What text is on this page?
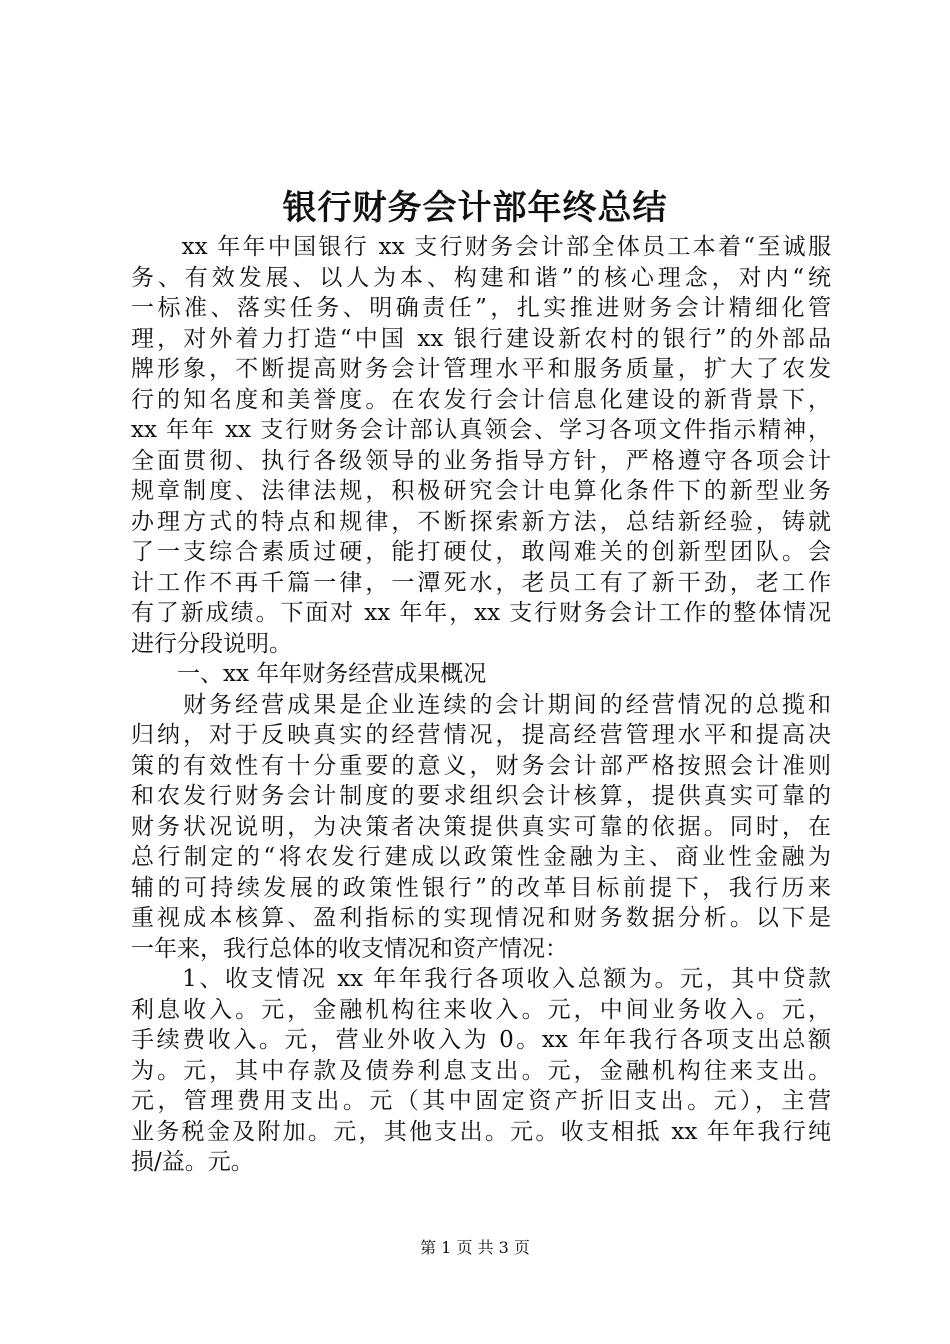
银行财务会计部年终总结
　　xx 年年中国银行 xx 支行财务会计部全体员工本着“至诚服
务、有效发展、以人为本、构建和谐”的核心理念，对内“统
一标准、落实任务、明确责任”，扎实推进财务会计精细化管
理，对外着力打造“中国 xx 银行建设新农村的银行”的外部品
牌形象，不断提高财务会计管理水平和服务质量，扩大了农发
行的知名度和美誉度。在农发行会计信息化建设的新背景下，
xx 年年 xx 支行财务会计部认真领会、学习各项文件指示精神，
全面贯彻、执行各级领导的业务指导方针，严格遵守各项会计
规章制度、法律法规，积极研究会计电算化条件下的新型业务
办理方式的特点和规律，不断探索新方法，总结新经验，铸就
了一支综合素质过硬，能打硬仗，敢闯难关的创新型团队。会
计工作不再千篇一律，一潭死水，老员工有了新干劲，老工作
有了新成绩。下面对 xx 年年，xx 支行财务会计工作的整体情况
进行分段说明。
　　一、xx 年年财务经营成果概况
　　财务经营成果是企业连续的会计期间的经营情况的总揽和
归纳，对于反映真实的经营情况，提高经营管理水平和提高决
策的有效性有十分重要的意义，财务会计部严格按照会计准则
和农发行财务会计制度的要求组织会计核算，提供真实可靠的
财务状况说明，为决策者决策提供真实可靠的依据。同时，在
总行制定的“将农发行建成以政策性金融为主、商业性金融为
辅的可持续发展的政策性银行”的改革目标前提下，我行历来
重视成本核算、盈利指标的实现情况和财务数据分析。以下是
一年来，我行总体的收支情况和资产情况：
　　1、收支情况 xx 年年我行各项收入总额为。元，其中贷款
利息收入。元，金融机构往来收入。元，中间业务收入。元，
手续费收入。元，营业外收入为 0。xx 年年我行各项支出总额
为。元，其中存款及债券利息支出。元，金融机构往来支出。
元，管理费用支出。元（其中固定资产折旧支出。元），主营
业务税金及附加。元，其他支出。元。收支相抵 xx 年年我行纯
损/益。元。
第 1 页 共 3 页
